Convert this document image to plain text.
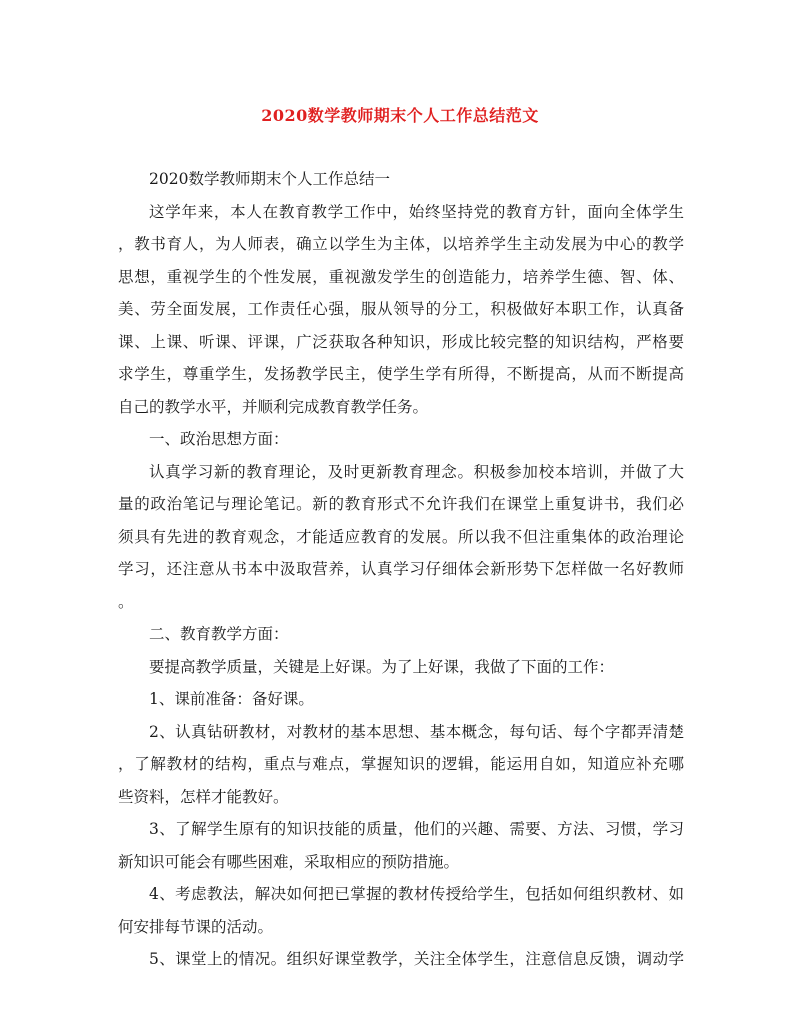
2020数学教师期末个人工作总结范文
2020数学教师期末个人工作总结一
这学年来，本人在教育教学工作中，始终坚持党的教育方针，面向全体学生
，教书育人，为人师表，确立以学生为主体，以培养学生主动发展为中心的教学
思想，重视学生的个性发展，重视激发学生的创造能力，培养学生德、智、体、
美、劳全面发展，工作责任心强，服从领导的分工，积极做好本职工作，认真备
课、上课、听课、评课，广泛获取各种知识，形成比较完整的知识结构，严格要
求学生，尊重学生，发扬教学民主，使学生学有所得，不断提高，从而不断提高
自己的教学水平，并顺利完成教育教学任务。
一、政治思想方面：
认真学习新的教育理论，及时更新教育理念。积极参加校本培训，并做了大
量的政治笔记与理论笔记。新的教育形式不允许我们在课堂上重复讲书，我们必
须具有先进的教育观念，才能适应教育的发展。所以我不但注重集体的政治理论
学习，还注意从书本中汲取营养，认真学习仔细体会新形势下怎样做一名好教师
。
二、教育教学方面：
要提高教学质量，关键是上好课。为了上好课，我做了下面的工作：
1、课前准备：备好课。
2、认真钻研教材，对教材的基本思想、基本概念，每句话、每个字都弄清楚
，了解教材的结构，重点与难点，掌握知识的逻辑，能运用自如，知道应补充哪
些资料，怎样才能教好。
3、了解学生原有的知识技能的质量，他们的兴趣、需要、方法、习惯，学习
新知识可能会有哪些困难，采取相应的预防措施。
4、考虑教法，解决如何把已掌握的教材传授给学生，包括如何组织教材、如
何安排每节课的活动。
5、课堂上的情况。组织好课堂教学，关注全体学生，注意信息反馈，调动学
